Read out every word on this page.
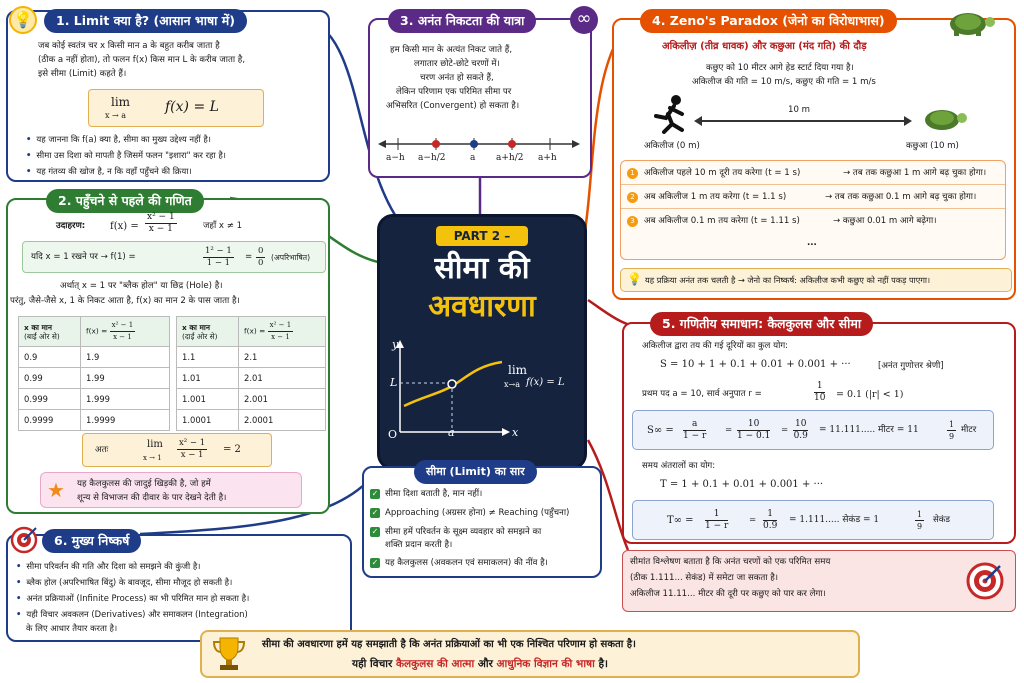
💡	1. Limit क्या है? (आसान भाषा में)
जब कोई स्वतंत्र चर x किसी मान a के बहुत करीब जाता है
(ठीक a नहीं होता), तो फलन f(x) किस मान L के करीब जाता है,
इसे सीमा (Limit) कहते हैं।
lim
x → a
f(x) = L
• यह जानना कि f(a) क्या है, सीमा का मुख्य उद्देश्य नहीं है।
• सीमा उस दिशा को मापती है जिसमें फलन "इशारा" कर रहा है।
• यह गंतव्य की खोज है, न कि वहाँ पहुँचने की क्रिया।
2. पहुँचने से पहले की गणित
उदाहरण: $f(x) = \frac{\text{x² − 1}}{x - 1}$	जहाँ x ≠ 1
यदि x = 1 रखने पर → f(1) =	$\frac{\text{1² − 1}}{1 - 1} = \frac{0}{0}$ (अपरिभाषित)
अर्थात् x = 1 पर "ब्लैक होल" या छिद्र (Hole) है।
परंतु, जैसे-जैसे x, 1 के निकट आता है, f(x) का मान 2 के पास जाता है।
x का मान
(बाईं ओर से)	$f(x) = \frac{\text{x² − 1}}{x - 1}$

0.9	1.9
0.99	1.99
0.999	1.999
0.9999	1.9999
x का मान
(दाईं ओर से)	$f(x) = \frac{\text{x² − 1}}{x - 1}$

1.1	2.1
1.01	2.01
1.001	2.001
1.0001	2.0001
अतः	lim
$x \to 1 \frac{\text{x² − 1}}{x - 1} = 2$
★ यह कैलकुलस की जादुई खिड़की है, जो हमें
शून्य से विभाजन की दीवार के पार देखने देती है।
3. अनंत निकटता की यात्रा	∞
हम किसी मान के अत्यंत निकट जाते हैं,
लगातार छोटे-छोटे चरणों में।
चरण अनंत हो सकते हैं,
लेकिन परिणाम एक परिमित सीमा पर
अभिसरित (Convergent) हो सकता है।
a−h a−h/2	a a+h/2 a+h
PART 2 –
सीमा की
अवधारणा
y
x
O
L
a
lim
x→a f(x) = L
सीमा (Limit) का सार
✓ सीमा दिशा बताती है, मान नहीं।
✓ Approaching (अग्रसर होना) ≠ Reaching (पहुँचना)
✓ सीमा हमें परिवर्तन के सूक्ष्म व्यवहार को समझने का
शक्ति प्रदान करती है।
✓ यह कैलकुलस (अवकलन एवं समाकलन) की नींव है।
4. Zeno's Paradox (जेनो का विरोधाभास)
अकिलीज़ (तीव्र धावक) और कछुआ (मंद गति) की दौड़
कछुए को 10 मीटर आगे हेड स्टार्ट दिया गया है।
अकिलीज की गति = 10 m/s, कछुए की गति = 1 m/s
10 m
अकिलीज (0 m)	कछुआ (10 m)
1 अकिलीज पहले 10 m दूरी तय करेगा (t = 1 s)	→ तब तक कछुआ 1 m आगे बढ़ चुका होगा।
2 अब अकिलीज 1 m तय करेगा (t = 1.1 s)	→ तब तक कछुआ 0.1 m आगे बढ़ चुका होगा।
3 अब अकिलीज 0.1 m तय करेगा (t = 1.11 s)	→ कछुआ 0.01 m आगे बढ़ेगा।
...
💡 यह प्रक्रिया अनंत तक चलती है → जेनो का निष्कर्ष: अकिलीज कभी कछुए को नहीं पकड़ पाएगा।
5. गणितीय समाधान: कैलकुलस और सीमा
अकिलीज द्वारा तय की गई दूरियों का कुल योग:
S = 10 + 1 + 0.1 + 0.01 + 0.001 + ···	[अनंत गुणोत्तर श्रेणी]
प्रथम पद a = 10, सार्व अनुपात r =	$\frac{1}{10} = 0.1$ (|r| < 1)
$S\infty = \frac{a}{1 - r} = \frac{10}{1 - 0.1} = \frac{10}{0.9} = 11.111$..... मीटर = 11	$\frac{1}{9}$ मीटर
समय अंतरालों का योग:
T = 1 + 0.1 + 0.01 + 0.001 + ···
$T\infty = \frac{1}{1 - r} = \frac{1}{0.9} = 1.111$..... सेकंड = 1	$\frac{1}{9}$ सेकंड
सीमांत विश्लेषण बताता है कि अनंत चरणों को एक परिमित समय
(ठीक 1.111... सेकंड) में समेटा जा सकता है।
अकिलीज 11.11... मीटर की दूरी पर कछुए को पार कर लेगा।
6. मुख्य निष्कर्ष
• सीमा परिवर्तन की गति और दिशा को समझने की कुंजी है।
• ब्लैक होल (अपरिभाषित बिंदु) के बावजूद, सीमा मौजूद हो सकती है।
• अनंत प्रक्रियाओं (Infinite Process) का भी परिमित मान हो सकता है।
• यही विचार अवकलन (Derivatives) और समाकलन (Integration)
के लिए आधार तैयार करता है।
सीमा की अवधारणा हमें यह समझाती है कि अनंत प्रक्रियाओं का भी एक निश्चित परिणाम हो सकता है।
यही विचार कैलकुलस की आत्मा और आधुनिक विज्ञान की भाषा है।
